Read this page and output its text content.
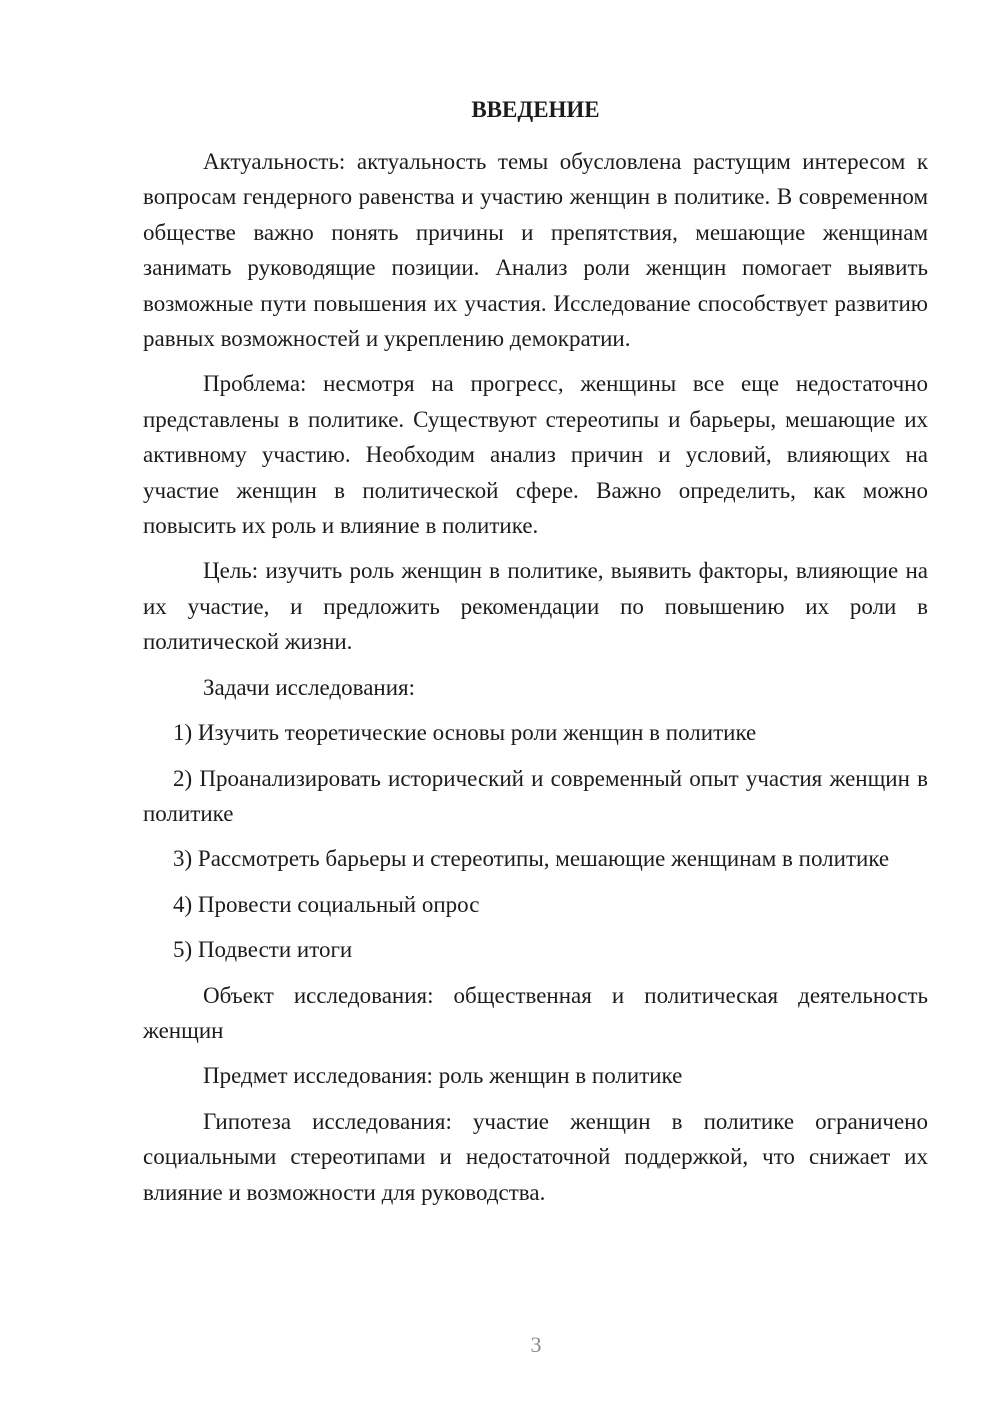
ВВЕДЕНИЕ

Актуальность: актуальность темы обусловлена растущим интересом к вопросам гендерного равенства и участию женщин в политике. В современном обществе важно понять причины и препятствия, мешающие женщинам занимать руководящие позиции. Анализ роли женщин помогает выявить возможные пути повышения их участия. Исследование способствует развитию равных возможностей и укреплению демократии.

Проблема: несмотря на прогресс, женщины все еще недостаточно представлены в политике. Существуют стереотипы и барьеры, мешающие их активному участию. Необходим анализ причин и условий, влияющих на участие женщин в политической сфере. Важно определить, как можно повысить их роль и влияние в политике.

Цель: изучить роль женщин в политике, выявить факторы, влияющие на их участие, и предложить рекомендации по повышению их роли в политической жизни.

Задачи исследования:

1) Изучить теоретические основы роли женщин в политике

2) Проанализировать исторический и современный опыт участия женщин в политике

3) Рассмотреть барьеры и стереотипы, мешающие женщинам в политике

4) Провести социальный опрос

5) Подвести итоги

Объект исследования: общественная и политическая деятельность женщин

Предмет исследования: роль женщин в политике

Гипотеза исследования: участие женщин в политике ограничено социальными стереотипами и недостаточной поддержкой, что снижает их влияние и возможности для руководства.

3
